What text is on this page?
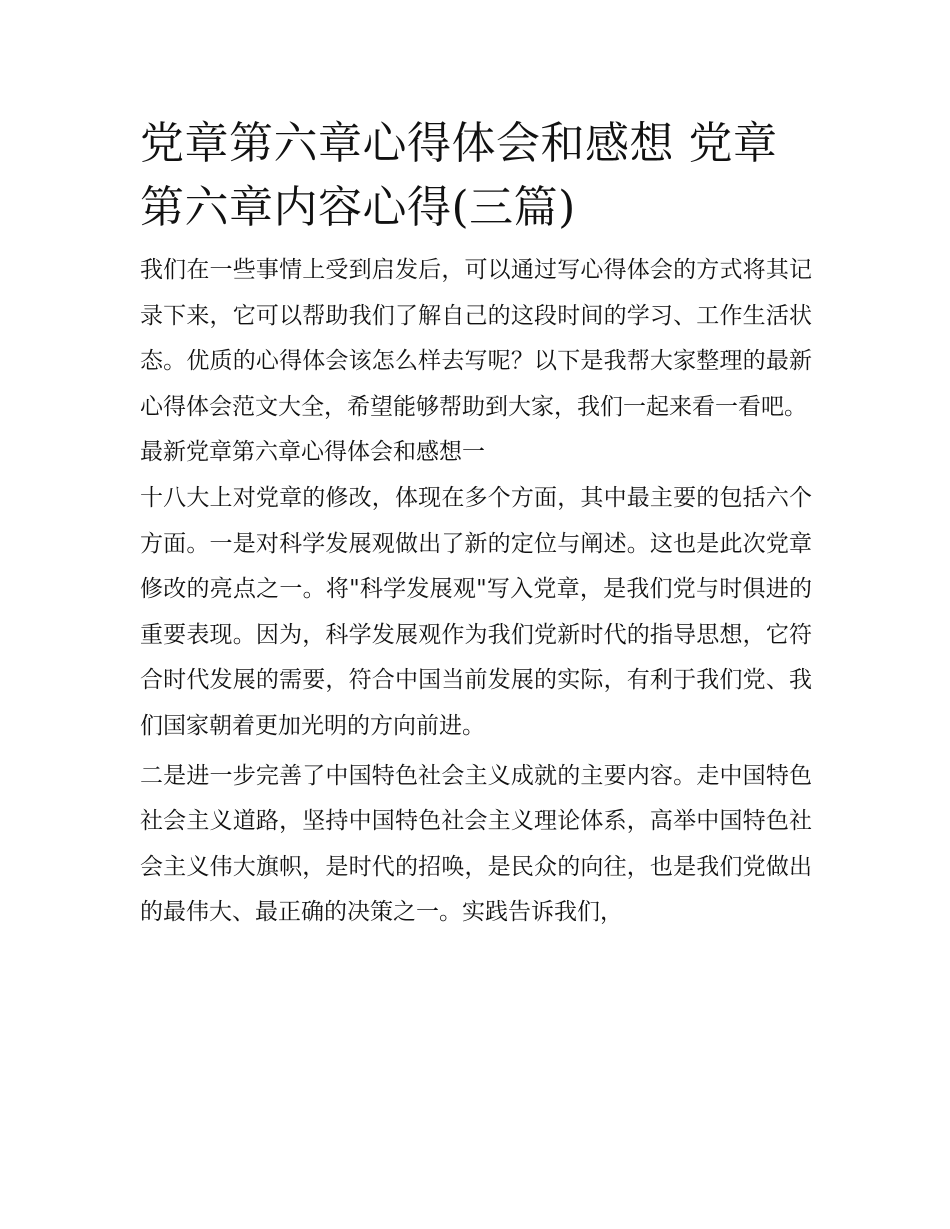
党章第六章心得体会和感想 党章第六章内容心得(三篇)

我们在一些事情上受到启发后，可以通过写心得体会的方式将其记录下来，它可以帮助我们了解自己的这段时间的学习、工作生活状态。优质的心得体会该怎么样去写呢？以下是我帮大家整理的最新心得体会范文大全，希望能够帮助到大家，我们一起来看一看吧。

最新党章第六章心得体会和感想一

十八大上对党章的修改，体现在多个方面，其中最主要的包括六个方面。一是对科学发展观做出了新的定位与阐述。这也是此次党章修改的亮点之一。将"科学发展观"写入党章，是我们党与时俱进的重要表现。因为，科学发展观作为我们党新时代的指导思想，它符合时代发展的需要，符合中国当前发展的实际，有利于我们党、我们国家朝着更加光明的方向前进。

二是进一步完善了中国特色社会主义成就的主要内容。走中国特色社会主义道路，坚持中国特色社会主义理论体系，高举中国特色社会主义伟大旗帜，是时代的招唤，是民众的向往，也是我们党做出的最伟大、最正确的决策之一。实践告诉我们，
